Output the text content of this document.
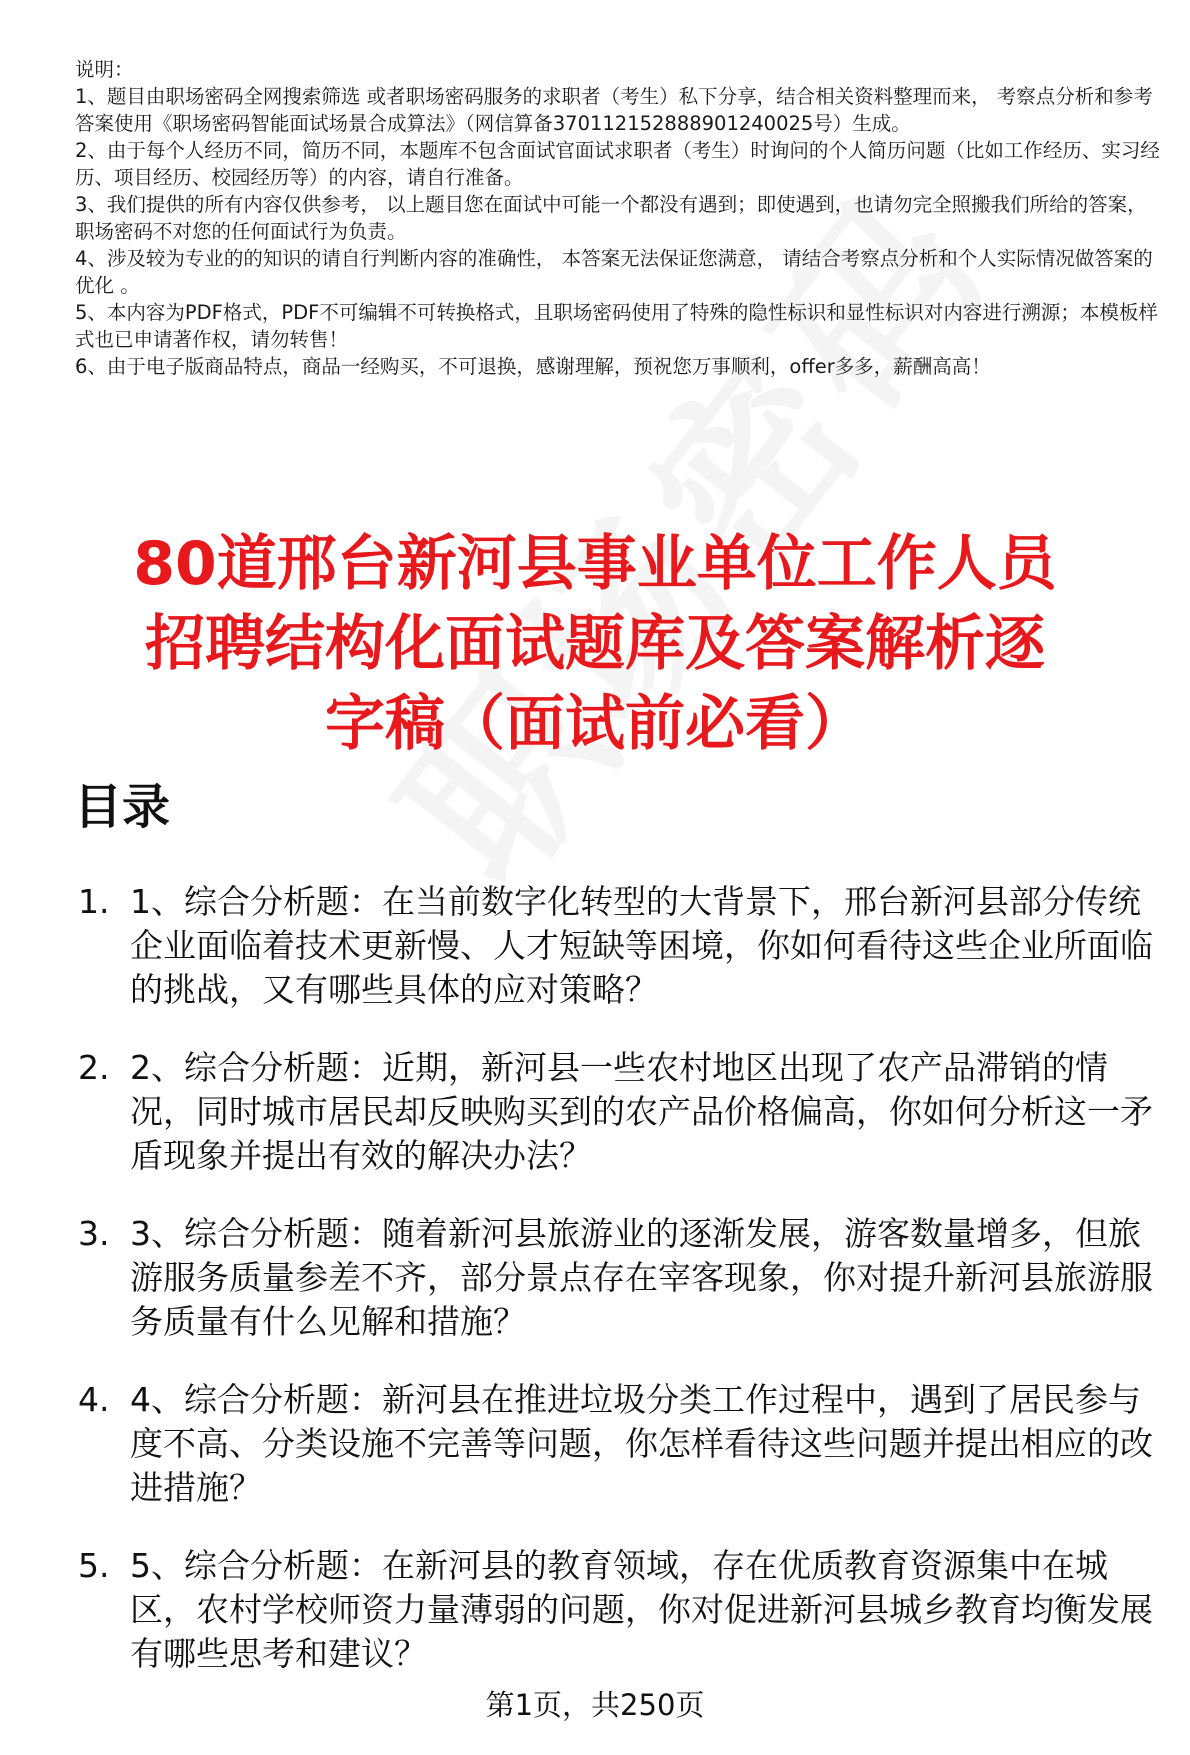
说明：

1、题目由职场密码全网搜索筛选 或者职场密码服务的求职者（考生）私下分享，结合相关资料整理而来， 考察点分析和参考答案使用《职场密码智能面试场景合成算法》（网信算备370112152888901240025号）生成。

2、由于每个人经历不同，简历不同，本题库不包含面试官面试求职者（考生）时询问的个人简历问题（比如工作经历、实习经历、项目经历、校园经历等）的内容，请自行准备。

3、我们提供的所有内容仅供参考， 以上题目您在面试中可能一个都没有遇到；即使遇到，也请勿完全照搬我们所给的答案，职场密码不对您的任何面试行为负责。

4、涉及较为专业的的知识的请自行判断内容的准确性， 本答案无法保证您满意， 请结合考察点分析和个人实际情况做答案的优化 。

5、本内容为PDF格式，PDF不可编辑不可转换格式，且职场密码使用了特殊的隐性标识和显性标识对内容进行溯源；本模板样式也已申请著作权，请勿转售！

6、由于电子版商品特点，商品一经购买，不可退换，感谢理解，预祝您万事顺利，offer多多，薪酬高高！

80道邢台新河县事业单位工作人员
招聘结构化面试题库及答案解析逐
字稿（面试前必看）
目录
1. 1、综合分析题：在当前数字化转型的大背景下，邢台新河县部分传统企业面临着技术更新慢、人才短缺等困境，你如何看待这些企业所面临的挑战，又有哪些具体的应对策略？
2. 2、综合分析题：近期，新河县一些农村地区出现了农产品滞销的情况，同时城市居民却反映购买到的农产品价格偏高，你如何分析这一矛盾现象并提出有效的解决办法？
3. 3、综合分析题：随着新河县旅游业的逐渐发展，游客数量增多，但旅游服务质量参差不齐，部分景点存在宰客现象，你对提升新河县旅游服务质量有什么见解和措施？
4. 4、综合分析题：新河县在推进垃圾分类工作过程中，遇到了居民参与度不高、分类设施不完善等问题，你怎样看待这些问题并提出相应的改进措施？
5. 5、综合分析题：在新河县的教育领域，存在优质教育资源集中在城区，农村学校师资力量薄弱的问题，你对促进新河县城乡教育均衡发展有哪些思考和建议？
第1页，共250页
